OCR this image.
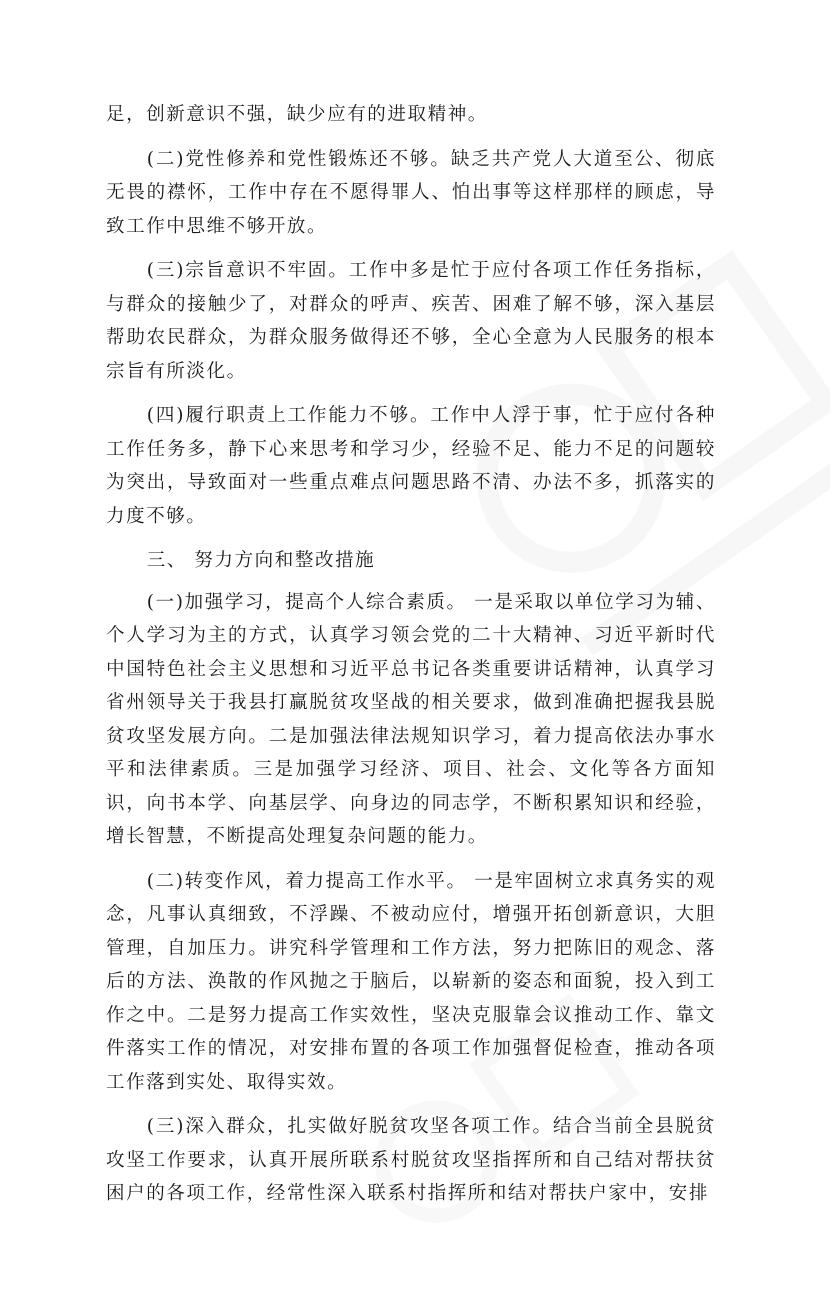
足，创新意识不强，缺少应有的进取精神。

(二)党性修养和党性锻炼还不够。缺乏共产党人大道至公、彻底无畏的襟怀，工作中存在不愿得罪人、怕出事等这样那样的顾虑，导致工作中思维不够开放。

(三)宗旨意识不牢固。工作中多是忙于应付各项工作任务指标，与群众的接触少了，对群众的呼声、疾苦、困难了解不够，深入基层帮助农民群众，为群众服务做得还不够，全心全意为人民服务的根本宗旨有所淡化。

(四)履行职责上工作能力不够。工作中人浮于事，忙于应付各种工作任务多，静下心来思考和学习少，经验不足、能力不足的问题较为突出，导致面对一些重点难点问题思路不清、办法不多，抓落实的力度不够。

三、 努力方向和整改措施

(一)加强学习，提高个人综合素质。 一是采取以单位学习为辅、个人学习为主的方式，认真学习领会党的二十大精神、习近平新时代中国特色社会主义思想和习近平总书记各类重要讲话精神，认真学习省州领导关于我县打赢脱贫攻坚战的相关要求，做到准确把握我县脱贫攻坚发展方向。二是加强法律法规知识学习，着力提高依法办事水平和法律素质。三是加强学习经济、项目、社会、文化等各方面知识，向书本学、向基层学、向身边的同志学，不断积累知识和经验，增长智慧，不断提高处理复杂问题的能力。

(二)转变作风，着力提高工作水平。 一是牢固树立求真务实的观念，凡事认真细致，不浮躁、不被动应付，增强开拓创新意识，大胆管理，自加压力。讲究科学管理和工作方法，努力把陈旧的观念、落后的方法、涣散的作风抛之于脑后，以崭新的姿态和面貌，投入到工作之中。二是努力提高工作实效性，坚决克服靠会议推动工作、靠文件落实工作的情况，对安排布置的各项工作加强督促检查，推动各项工作落到实处、取得实效。

(三)深入群众，扎实做好脱贫攻坚各项工作。结合当前全县脱贫攻坚工作要求，认真开展所联系村脱贫攻坚指挥所和自己结对帮扶贫困户的各项工作，经常性深入联系村指挥所和结对帮扶户家中，安排
